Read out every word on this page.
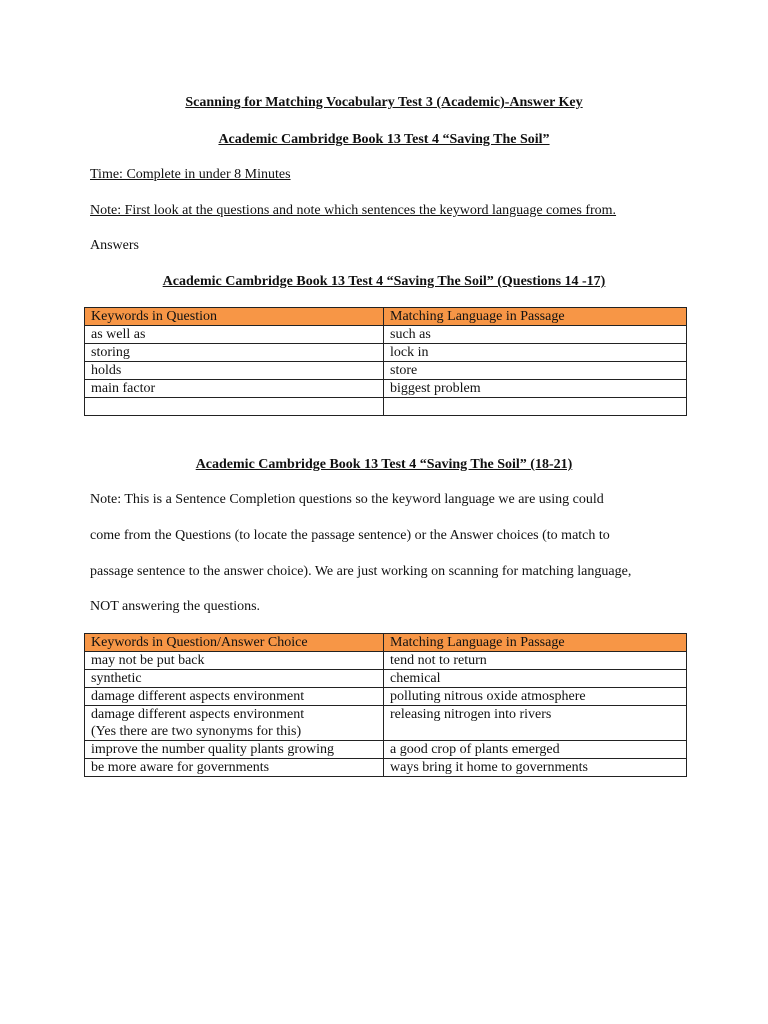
Scanning for Matching Vocabulary Test 3 (Academic)-Answer Key
Academic Cambridge Book 13 Test 4 “Saving The Soil”
Time: Complete in under 8 Minutes
Note: First look at the questions and note which sentences the keyword language comes from.
Answers
Academic Cambridge Book 13 Test 4 “Saving The Soil” (Questions 14 -17)
Keywords in Question	Matching Language in Passage
as well as	such as
storing	lock in
holds	store
main factor	biggest problem

Academic Cambridge Book 13 Test 4 “Saving The Soil” (18-21)
Note: This is a Sentence Completion questions so the keyword language we are using could
come from the Questions (to locate the passage sentence) or the Answer choices (to match to
passage sentence to the answer choice). We are just working on scanning for matching language,
NOT answering the questions.
Keywords in Question/Answer Choice	Matching Language in Passage
may not be put back	tend not to return
synthetic	chemical
damage different aspects environment	polluting nitrous oxide atmosphere

damage different aspects environment
(Yes there are two synonyms for this)	releasing nitrogen into rivers
improve the number quality plants growing	a good crop of plants emerged
be more aware for governments	ways bring it home to governments
